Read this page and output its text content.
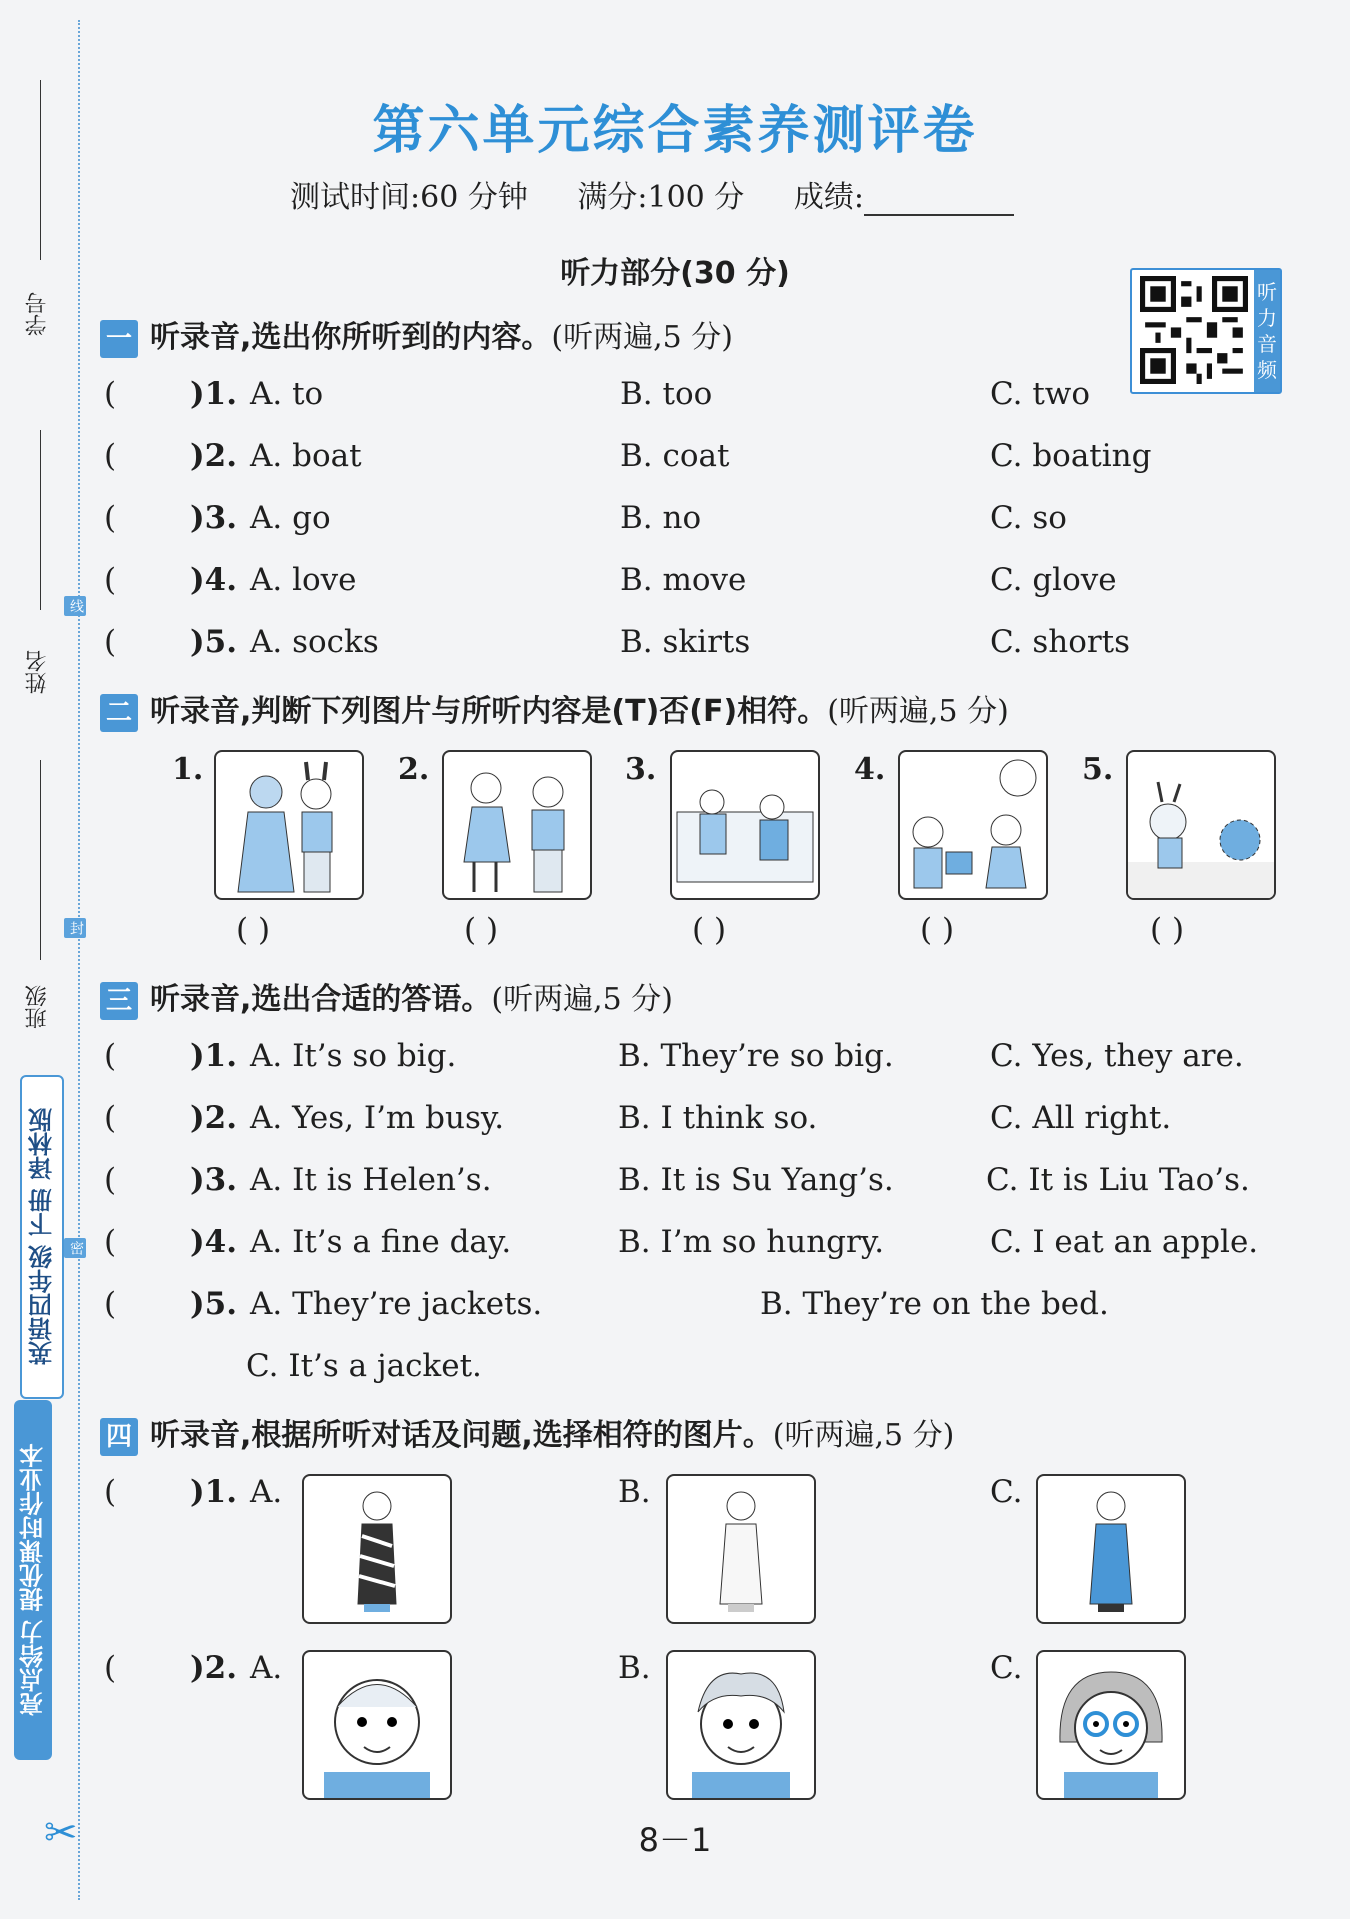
学号
姓名
班级
线
封
密
英语四年级 下册 译林版
亮点给力 提优课时作业本
✂
第六单元综合素养测评卷
测试时间:60 分钟 满分:100 分 成绩:
听力部分(30 分)
听
力
音
频
一 听录音,选出你所听到的内容。(听两遍,5 分)
( )1. A. to	B. too	C. two
( )2. A. boat	B. coat	C. boating
( )3. A. go	B. no	C. so
( )4. A. love	B. move	C. glove
( )5. A. socks	B. skirts	C. shorts
二 听录音,判断下列图片与所听内容是(T)否(F)相符。(听两遍,5 分)
1.	2.	3.	4.	5.
( )	( )	( )	( )	( )
三 听录音,选出合适的答语。(听两遍,5 分)
( )1. A. It’s so big.	B. They’re so big.	C. Yes, they are.
( )2. A. Yes, I’m busy.	B. I think so.	C. All right.
( )3. A. It is Helen’s.	B. It is Su Yang’s.	C. It is Liu Tao’s.
( )4. A. It’s a fine day.	B. I’m so hungry.	C. I eat an apple.
( )5. A. They’re jackets.	B. They’re on the bed.
C. It’s a jacket.
四 听录音,根据所听对话及问题,选择相符的图片。(听两遍,5 分)
( )1. A.	B.	C.
( )2. A.	B.	C.
8－1
